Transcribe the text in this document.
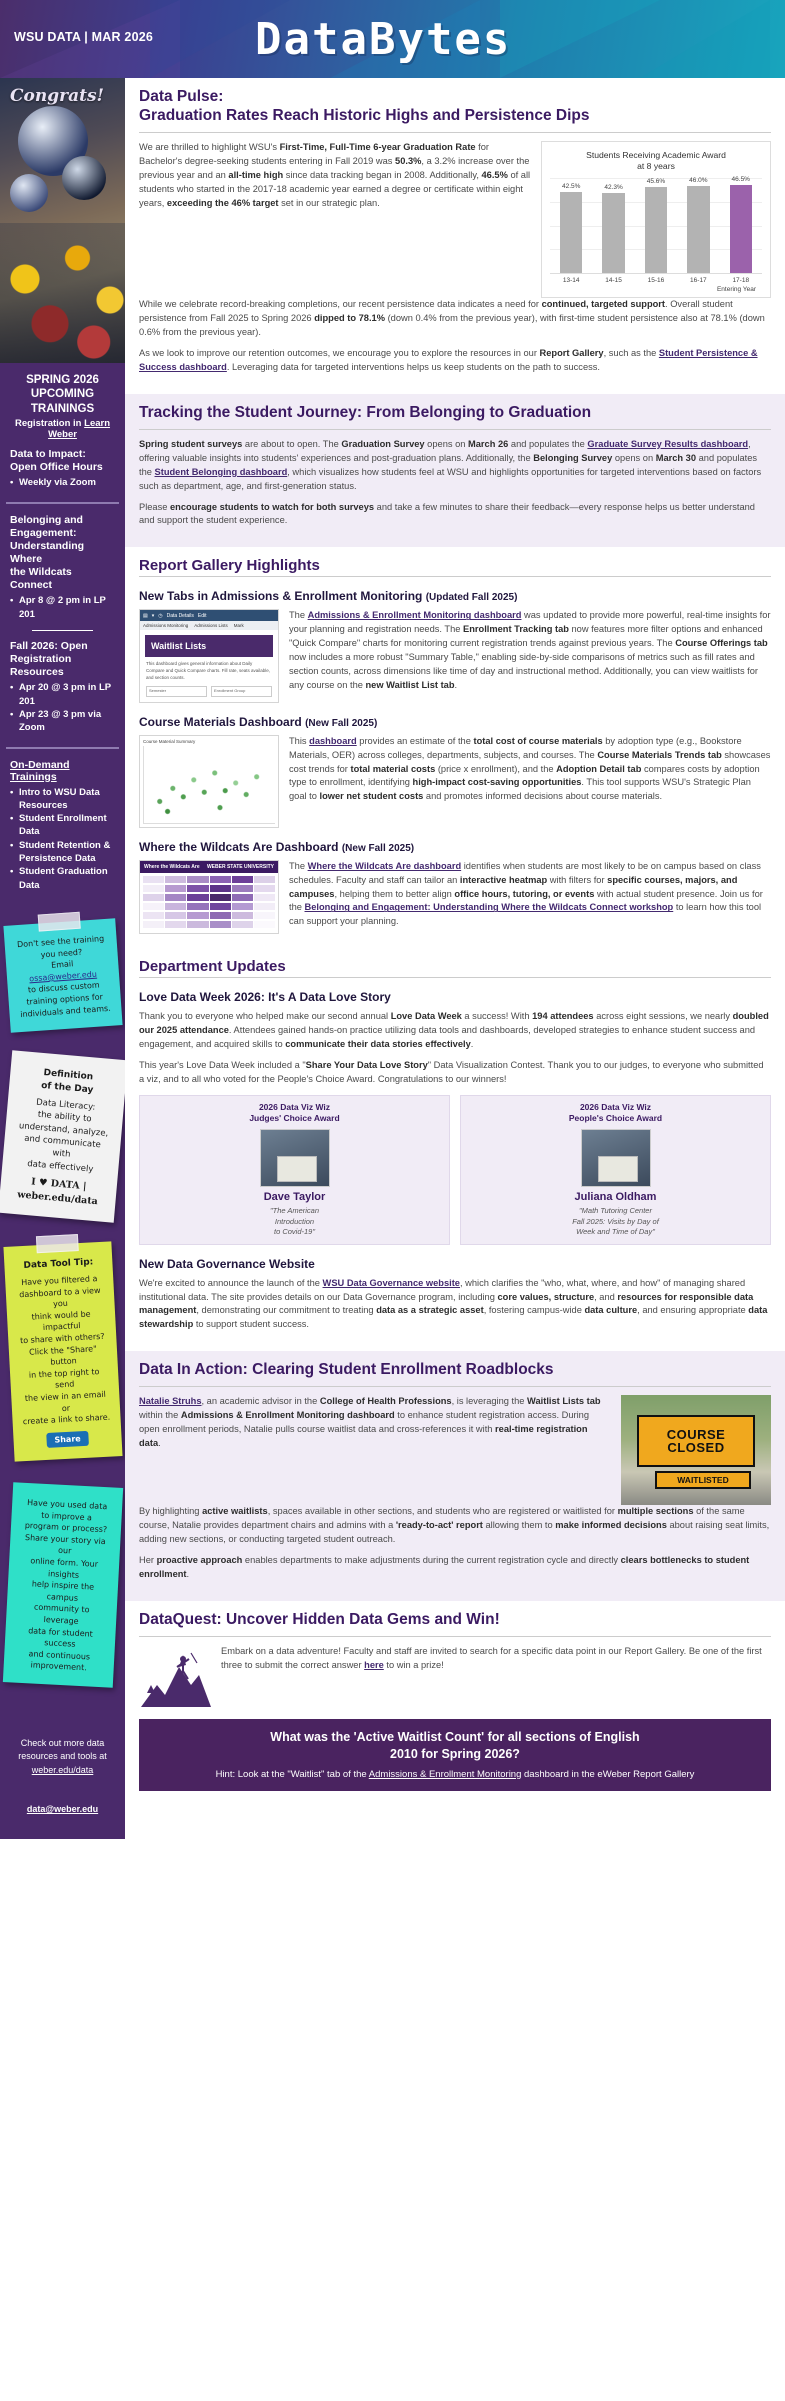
WSU DATA | MAR 2026 DataBytes
Congrats!
SPRING 2026
UPCOMING TRAININGS
Registration in Learn Weber
Data to Impact:
Open Office Hours
• Weekly via Zoom
Belonging and
Engagement:
Understanding Where
the Wildcats Connect
• Apr 8 @ 2 pm in LP 201
Fall 2026: Open
Registration Resources
• Apr 20 @ 3 pm in LP 201
• Apr 23 @ 3 pm via Zoom
On-Demand Trainings
• Intro to WSU Data Resources
• Student Enrollment Data
• Student Retention & Persistence Data
• Student Graduation Data
Don't see the training
you need?
Email ossa@weber.edu
to discuss custom
training options for
individuals and teams.
Definition
of the Day
Data Literacy:
the ability to
understand, analyze,
and communicate with
data effectively
I ♥ DATA | weber.edu/data
Data Tool Tip:
Have you filtered a
dashboard to a view you
think would be impactful
to share with others?
Click the "Share" button
in the top right to send
the view in an email or
create a link to share.
Share
Have you used data
to improve a
program or process?
Share your story via our
online form. Your insights
help inspire the campus
community to leverage
data for student success
and continuous improvement.
Check out more data
resources and tools at
weber.edu/data
data@weber.edu
Data Pulse:
Graduation Rates Reach Historic Highs and Persistence Dips

We are thrilled to highlight WSU's First-Time, Full-Time 6-year Graduation Rate for Bachelor's degree-seeking students entering in Fall 2019 was 50.3%, a 3.2% increase over the previous year and an all-time high since data tracking began in 2008. Additionally, 46.5% of all students who started in the 2017-18 academic year earned a degree or certificate within eight years, exceeding the 46% target set in our strategic plan.

Students Receiving Academic Award
at 8 years
42.5%	42.3%
45.6%	46.0%	46.5%
13-14	14-15	15-16	16-17	17-18
Entering Year

While we celebrate record-breaking completions, our recent persistence data indicates a need for continued, targeted support. Overall student persistence from Fall 2025 to Spring 2026 dipped to 78.1% (down 0.4% from the previous year), with first-time student persistence also at 78.1% (down 0.6% from the previous year).

As we look to improve our retention outcomes, we encourage you to explore the resources in our Report Gallery, such as the Student Persistence & Success dashboard. Leveraging data for targeted interventions helps us keep students on the path to success.

Tracking the Student Journey: From Belonging to Graduation

Spring student surveys are about to open. The Graduation Survey opens on March 26 and populates the Graduate Survey Results dashboard, offering valuable insights into students' experiences and post-graduation plans. Additionally, the Belonging Survey opens on March 30 and populates the Student Belonging dashboard, which visualizes how students feel at WSU and highlights opportunities for targeted interventions based on factors such as department, age, and first-generation status.

Please encourage students to watch for both surveys and take a few minutes to share their feedback—every response helps us better understand and support the student experience.

Report Gallery Highlights
New Tabs in Admissions & Enrollment Monitoring (Updated Fall 2025)
▤ ▾ ◷ Data Details Edit
Admissions Monitoring Admissions Lists Mark
Waitlist Lists
This dashboard gives general information about Daily Compare and Quick Compare charts. Fill rate, seats available, and section counts.
Semester	Enrollment Group

The Admissions & Enrollment Monitoring dashboard was updated to provide more powerful, real-time insights for your planning and registration needs. The Enrollment Tracking tab now features more filter options and enhanced "Quick Compare" charts for monitoring current registration trends against previous years. The Course Offerings tab now includes a more robust "Summary Table," enabling side-by-side comparisons of metrics such as fill rates and section counts, across dimensions like time of day and instructional method. Additionally, you can view waitlists for any course on the new Waitlist List tab.

Course Materials Dashboard (New Fall 2025)
Course Material Summary	This dashboard provides an estimate of the total cost of course materials by adoption type (e.g., Bookstore Materials, OER) across colleges, departments, subjects, and courses. The Course Materials Trends tab showcases cost trends for total material costs (price x enrollment), and the Adoption Detail tab compares costs by adoption type to enrollment, identifying high-impact cost-saving opportunities. This tool supports WSU's Strategic Plan goal to lower net student costs and promotes informed decisions about course materials.

Where the Wildcats Are Dashboard (New Fall 2025)
Where the Wildcats Are WEBER STATE UNIVERSITY The Where the Wildcats Are dashboard identifies when students are most likely to be on campus based on class schedules. Faculty and staff can tailor an interactive heatmap with filters for specific courses, majors, and campuses, helping them to better align office hours, tutoring, or events with actual student presence. Join us for the Belonging and Engagement: Understanding Where the Wildcats Connect workshop to learn how this tool can support your planning.

Department Updates
Love Data Week 2026: It's A Data Love Story

Thank you to everyone who helped make our second annual Love Data Week a success! With 194 attendees across eight sessions, we nearly doubled our 2025 attendance. Attendees gained hands-on practice utilizing data tools and dashboards, developed strategies to enhance student success and engagement, and acquired skills to communicate their data stories effectively.

This year's Love Data Week included a "Share Your Data Love Story" Data Visualization Contest. Thank you to our judges, to everyone who submitted a viz, and to all who voted for the People's Choice Award. Congratulations to our winners!

2026 Data Viz Wiz
Judges' Choice Award
Dave Taylor
"The American
Introduction
to Covid-19"
2026 Data Viz Wiz
People's Choice Award
Juliana Oldham
"Math Tutoring Center
Fall 2025: Visits by Day of
Week and Time of Day"
New Data Governance Website

We're excited to announce the launch of the WSU Data Governance website, which clarifies the "who, what, where, and how" of managing shared institutional data. The site provides details on our Data Governance program, including core values, structure, and resources for responsible data management, demonstrating our commitment to treating data as a strategic asset, fostering campus-wide data culture, and ensuring appropriate data stewardship to support student success.

Data In Action: Clearing Student Enrollment Roadblocks

Natalie Struhs, an academic advisor in the College of Health Professions, is leveraging the Waitlist Lists tab within the Admissions & Enrollment Monitoring dashboard to enhance student registration access. During open enrollment periods, Natalie pulls course waitlist data and cross-references it with real-time registration data.

COURSE
CLOSED
WAITLISTED

By highlighting active waitlists, spaces available in other sections, and students who are registered or waitlisted for multiple sections of the same course, Natalie provides department chairs and admins with a 'ready-to-act' report allowing them to make informed decisions about raising seat limits, adding new sections, or conducting targeted student outreach.

Her proactive approach enables departments to make adjustments during the current registration cycle and directly clears bottlenecks to student enrollment.

DataQuest: Uncover Hidden Data Gems and Win!

Embark on a data adventure! Faculty and staff are invited to search for a specific data point in our Report Gallery. Be one of the first three to submit the correct answer here to win a prize!

What was the 'Active Waitlist Count' for all sections of English
2010 for Spring 2026?
Hint: Look at the "Waitlist" tab of the Admissions & Enrollment Monitoring dashboard in the eWeber Report Gallery
